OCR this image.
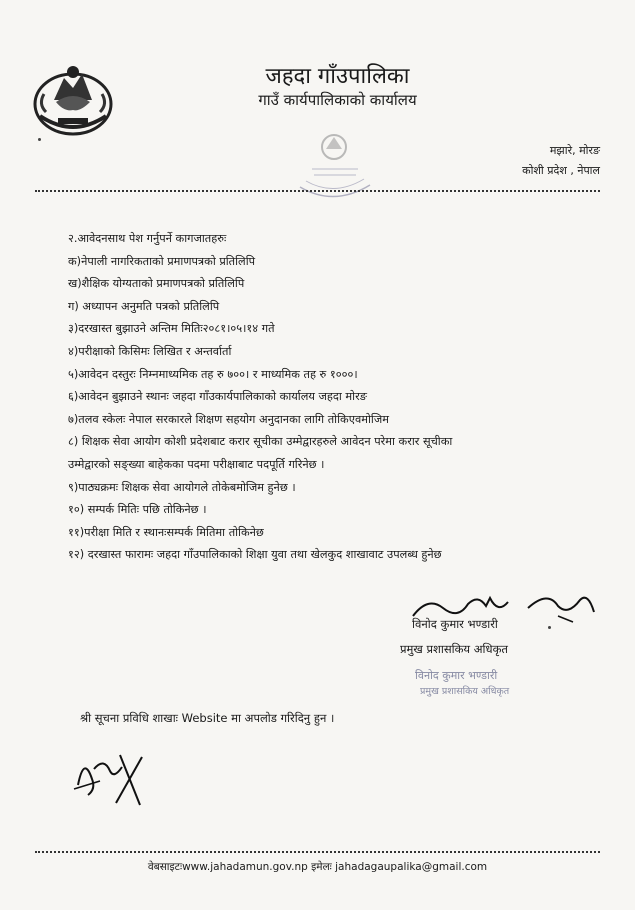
जहदा गाँउपालिका
गाउँ कार्यपालिकाको कार्यालय
मझारे, मोरङ
कोशी प्रदेश , नेपाल
२.आवेदनसाथ पेश गर्नुपर्ने कागजातहरुः
क)नेपाली नागरिकताको प्रमाणपत्रको प्रतिलिपि
ख)शैक्षिक योग्यताको प्रमाणपत्रको प्रतिलिपि
ग) अध्यापन अनुमति पत्रको प्रतिलिपि
३)दरखास्त बुझाउने अन्तिम मितिः२०८१।०५।१४ गते
४)परीक्षाको किसिमः लिखित र अन्तर्वार्ता
५)आवेदन दस्तुरः निम्नमाध्यमिक तह रु ७००। र माध्यमिक तह रु १०००।
६)आवेदन बुझाउने स्थानः जहदा गाँउकार्यपालिकाको कार्यालय जहदा मोरङ
७)तलव स्केलः नेपाल सरकारले शिक्षण सहयोग अनुदानका लागि तोकिएवमोजिम
८) शिक्षक सेवा आयोग कोशी प्रदेशबाट करार सूचीका उम्मेद्वारहरुले आवेदन परेमा करार सूचीका
उम्मेद्वारको सङ्ख्या बाहेकका पदमा परीक्षाबाट पदपूर्ति गरिनेछ ।
९)पाठ्यक्रमः शिक्षक सेवा आयोगले तोकेबमोजिम हुनेछ ।
१०) सम्पर्क मितिः पछि तोकिनेछ ।
११)परीक्षा मिति र स्थानःसम्पर्क मितिमा तोकिनेछ
१२) दरखास्त फारामः जहदा गाँउपालिकाको शिक्षा युवा तथा खेलकुद शाखावाट उपलब्ध हुनेछ
विनोद कुमार भण्डारी
प्रमुख प्रशासकिय अधिकृत
विनोद कुमार भण्डारी
प्रमुख प्रशासकिय अधिकृत
श्री सूचना प्रविधि शाखाः Website मा अपलोड गरिदिनु हुन ।
वेबसाइटःwww.jahadamun.gov.np इमेलः jahadagaupalika@gmail.com
